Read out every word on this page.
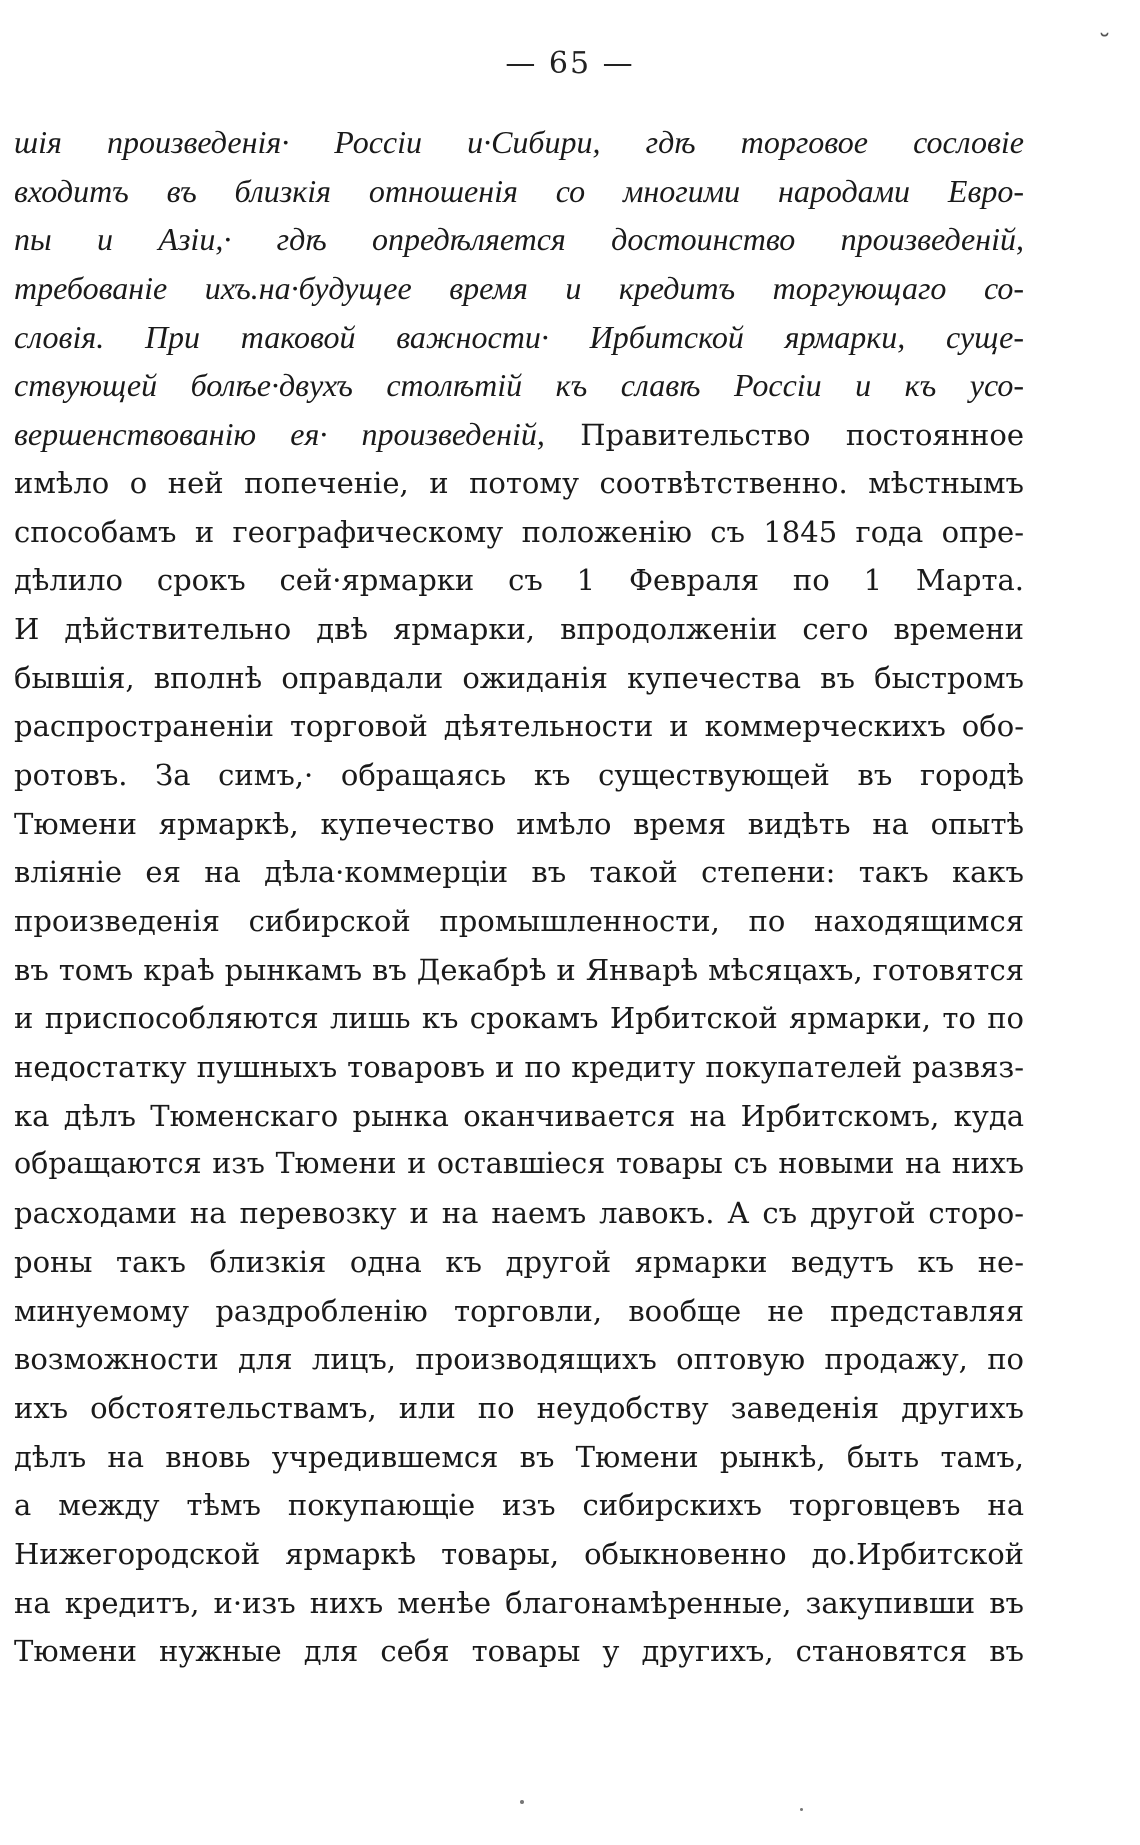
˘
— 65 —
шія произведенія· Россіи и·Сибири, гдѣ торговое сословіе
входитъ въ близкія отношенія со многими народами Евро-
пы и Азіи,· гдѣ опредѣляется достоинство произведеній,
требованіе ихъ.на·будущее время и кредитъ торгующаго со-
словія. При таковой важности· Ирбитской ярмарки, суще-
ствующей болѣе·двухъ столѣтій къ славѣ Россіи и къ усо-
вершенствованію ея· произведеній, Правительство постоянное
имѣло о ней попеченіе, и потому соотвѣтственно. мѣстнымъ
способамъ и географическому положенію съ 1845 года опре-
дѣлило срокъ сей·ярмарки съ 1 Февраля по 1 Марта.
И дѣйствительно двѣ ярмарки, впродолженіи сего времени
бывшія, вполнѣ оправдали ожиданія купечества въ быстромъ
распространеніи торговой дѣятельности и коммерческихъ обо-
ротовъ. За симъ,· обращаясь къ существующей въ городѣ
Тюмени ярмаркѣ, купечество имѣло время видѣть на опытѣ
вліяніе ея на дѣла·коммерціи въ такой степени: такъ какъ
произведенія сибирской промышленности, по находящимся
въ томъ краѣ рынкамъ въ Декабрѣ и Январѣ мѣсяцахъ, готовятся
и приспособляются лишь къ срокамъ Ирбитской ярмарки, то по
недостатку пушныхъ товаровъ и по кредиту покупателей развяз-
ка дѣлъ Тюменскаго рынка оканчивается на Ирбитскомъ, куда
обращаются изъ Тюмени и оставшіеся товары съ новыми на нихъ
расходами на перевозку и на наемъ лавокъ. А съ другой сторо-
роны такъ близкія одна къ другой ярмарки ведутъ къ не-
минуемому раздробленію торговли, вообще не представляя
возможности для лицъ, производящихъ оптовую продажу, по
ихъ обстоятельствамъ, или по неудобству заведенія другихъ
дѣлъ на вновь учредившемся въ Тюмени рынкѣ, быть тамъ,
а между тѣмъ покупающіе изъ сибирскихъ торговцевъ на
Нижегородской ярмаркѣ товары, обыкновенно до.Ирбитской
на кредитъ, и·изъ нихъ менѣе благонамѣренные, закупивши въ
Тюмени нужные для себя товары у другихъ, становятся въ
